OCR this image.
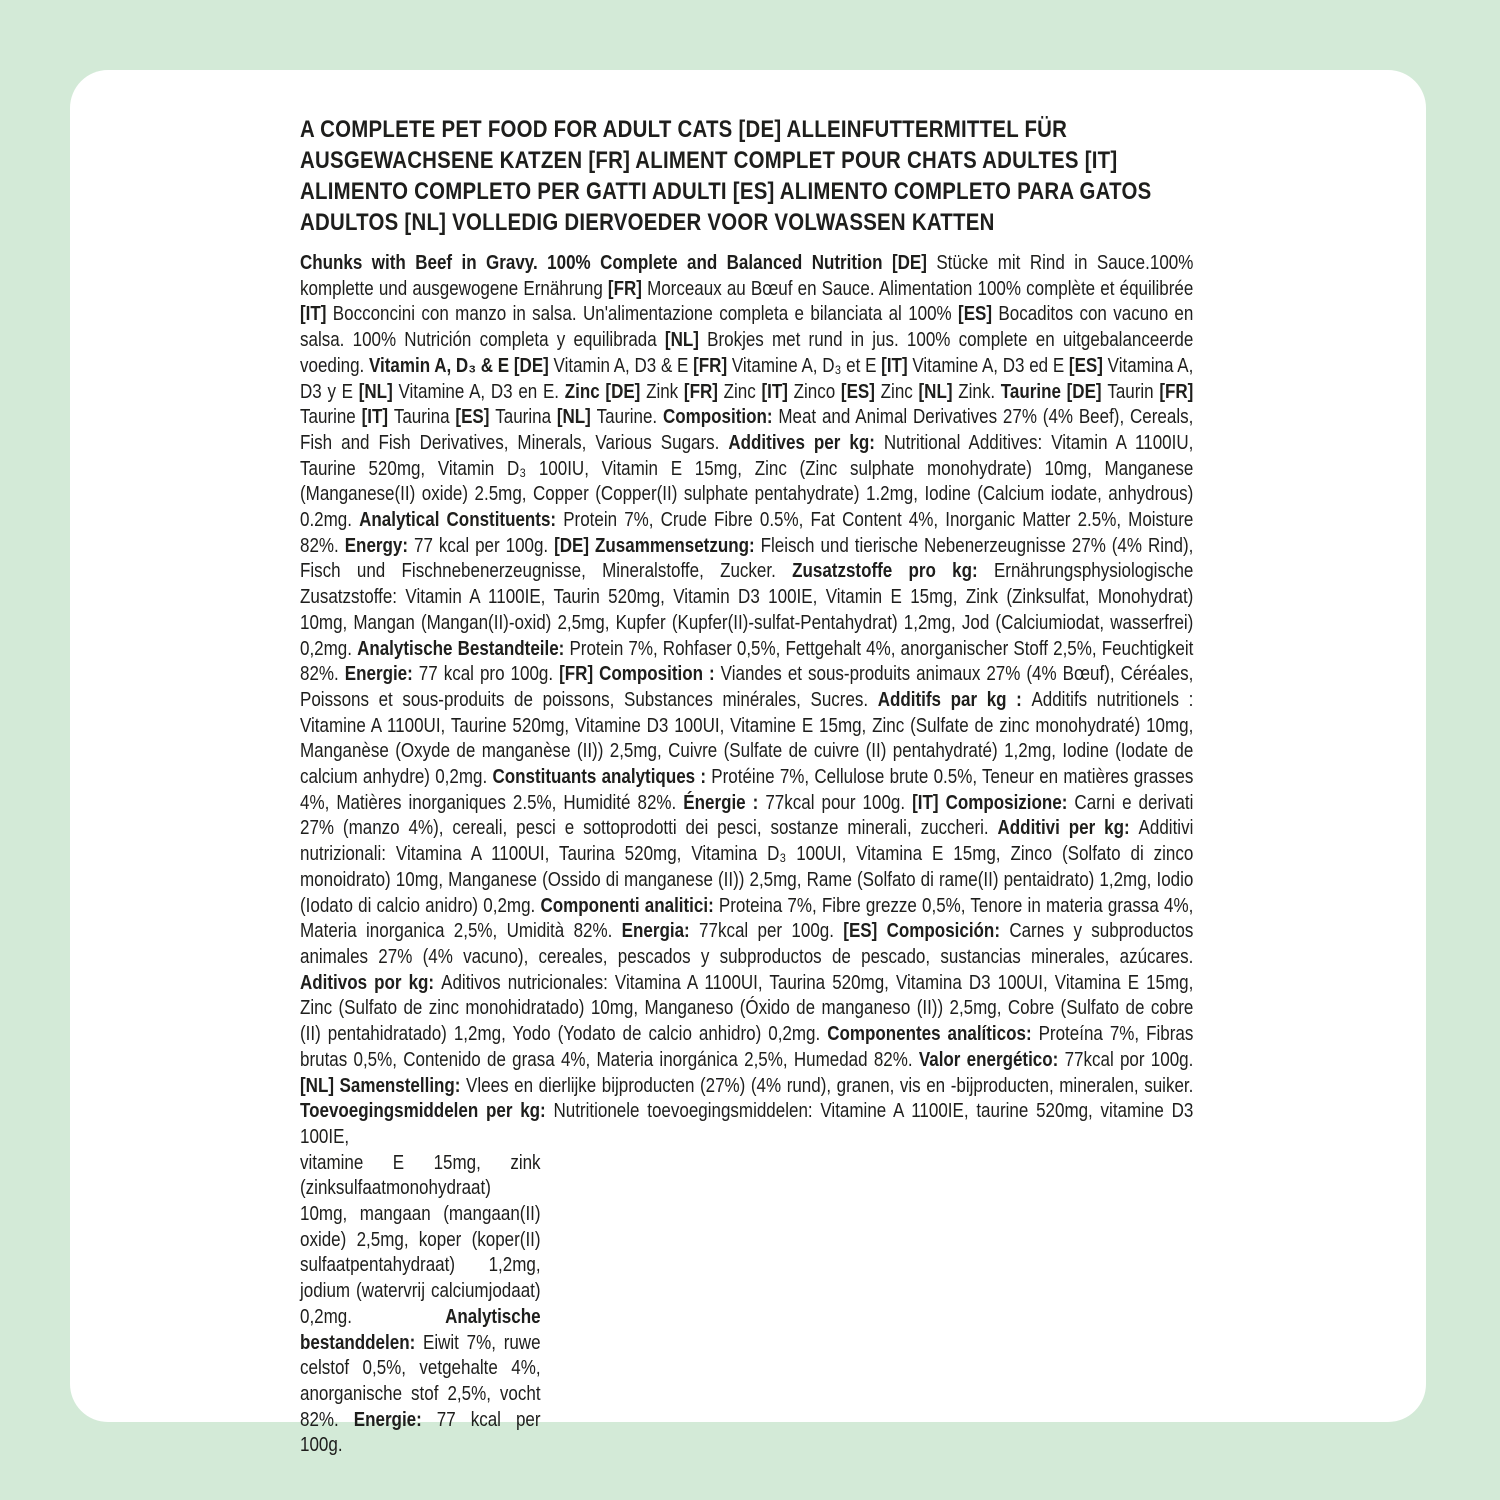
A COMPLETE PET FOOD FOR ADULT CATS [DE] ALLEINFUTTERMITTEL FÜR AUSGEWACHSENE KATZEN [FR] ALIMENT COMPLET POUR CHATS ADULTES [IT] ALIMENTO COMPLETO PER GATTI ADULTI [ES] ALIMENTO COMPLETO PARA GATOS ADULTOS [NL] VOLLEDIG DIERVOEDER VOOR VOLWASSEN KATTEN

Chunks with Beef in Gravy. 100% Complete and Balanced Nutrition [DE] Stücke mit Rind in Sauce.100% komplette und ausgewogene Ernährung [FR] Morceaux au Bœuf en Sauce. Alimentation 100% complète et équilibrée [IT] Bocconcini con manzo in salsa. Un'alimentazione completa e bilanciata al 100% [ES] Bocaditos con vacuno en salsa. 100% Nutrición completa y equilibrada [NL] Brokjes met rund in jus. 100% complete en uitgebalanceerde voeding. Vitamin A, D₃ & E [DE] Vitamin A, D3 & E [FR] Vitamine A, D₃ et E [IT] Vitamine A, D3 ed E [ES] Vitamina A, D3 y E [NL] Vitamine A, D3 en E. Zinc [DE] Zink [FR] Zinc [IT] Zinco [ES] Zinc [NL] Zink. Taurine [DE] Taurin [FR] Taurine [IT] Taurina [ES] Taurina [NL] Taurine. Composition: Meat and Animal Derivatives 27% (4% Beef), Cereals, Fish and Fish Derivatives, Minerals, Various Sugars. Additives per kg: Nutritional Additives: Vitamin A 1100IU, Taurine 520mg, Vitamin D₃ 100IU, Vitamin E 15mg, Zinc (Zinc sulphate monohydrate) 10mg, Manganese (Manganese(II) oxide) 2.5mg, Copper (Copper(II) sulphate pentahydrate) 1.2mg, Iodine (Calcium iodate, anhydrous) 0.2mg. Analytical Constituents: Protein 7%, Crude Fibre 0.5%, Fat Content 4%, Inorganic Matter 2.5%, Moisture 82%. Energy: 77 kcal per 100g. [DE] Zusammensetzung: Fleisch und tierische Nebenerzeugnisse 27% (4% Rind), Fisch und Fischnebenerzeugnisse, Mineralstoffe, Zucker. Zusatzstoffe pro kg: Ernährungsphysiologische Zusatzstoffe: Vitamin A 1100IE, Taurin 520mg, Vitamin D3 100IE, Vitamin E 15mg, Zink (Zinksulfat, Monohydrat) 10mg, Mangan (Mangan(II)-oxid) 2,5mg, Kupfer (Kupfer(II)-sulfat-Pentahydrat) 1,2mg, Jod (Calciumiodat, wasserfrei) 0,2mg. Analytische Bestandteile: Protein 7%, Rohfaser 0,5%, Fettgehalt 4%, anorganischer Stoff 2,5%, Feuchtigkeit 82%. Energie: 77 kcal pro 100g. [FR] Composition : Viandes et sous-produits animaux 27% (4% Bœuf), Céréales, Poissons et sous-produits de poissons, Substances minérales, Sucres. Additifs par kg : Additifs nutritionels : Vitamine A 1100UI, Taurine 520mg, Vitamine D3 100UI, Vitamine E 15mg, Zinc (Sulfate de zinc monohydraté) 10mg, Manganèse (Oxyde de manganèse (II)) 2,5mg, Cuivre (Sulfate de cuivre (II) pentahydraté) 1,2mg, Iodine (Iodate de calcium anhydre) 0,2mg. Constituants analytiques : Protéine 7%, Cellulose brute 0.5%, Teneur en matières grasses 4%, Matières inorganiques 2.5%, Humidité 82%. Énergie : 77kcal pour 100g. [IT] Composizione: Carni e derivati 27% (manzo 4%), cereali, pesci e sottoprodotti dei pesci, sostanze minerali, zuccheri. Additivi per kg: Additivi nutrizionali: Vitamina A 1100UI, Taurina 520mg, Vitamina D₃ 100UI, Vitamina E 15mg, Zinco (Solfato di zinco monoidrato) 10mg, Manganese (Ossido di manganese (II)) 2,5mg, Rame (Solfato di rame(II) pentaidrato) 1,2mg, Iodio (Iodato di calcio anidro) 0,2mg. Componenti analitici: Proteina 7%, Fibre grezze 0,5%, Tenore in materia grassa 4%, Materia inorganica 2,5%, Umidità 82%. Energia: 77kcal per 100g. [ES] Composición: Carnes y subproductos animales 27% (4% vacuno), cereales, pescados y subproductos de pescado, sustancias minerales, azúcares. Aditivos por kg: Aditivos nutricionales: Vitamina A 1100UI, Taurina 520mg, Vitamina D3 100UI, Vitamina E 15mg, Zinc (Sulfato de zinc monohidratado) 10mg, Manganeso (Óxido de manganeso (II)) 2,5mg, Cobre (Sulfato de cobre (II) pentahidratado) 1,2mg, Yodo (Yodato de calcio anhidro) 0,2mg. Componentes analíticos: Proteína 7%, Fibras brutas 0,5%, Contenido de grasa 4%, Materia inorgánica 2,5%, Humedad 82%. Valor energético: 77kcal por 100g. [NL] Samenstelling: Vlees en dierlijke bijproducten (27%) (4% rund), granen, vis en -bijproducten, mineralen, suiker. Toevoegingsmiddelen per kg: Nutritionele toevoegingsmiddelen: Vitamine A 1100IE, taurine 520mg, vitamine D3 100IE,

vitamine E 15mg, zink (zinksulfaatmonohydraat) 10mg, mangaan (mangaan(II) oxide) 2,5mg, koper (koper(II) sulfaatpentahydraat) 1,2mg, jodium (watervrij calciumjodaat) 0,2mg. Analytische bestanddelen: Eiwit 7%, ruwe celstof 0,5%, vetgehalte 4%, anorganische stof 2,5%, vocht 82%. Energie: 77 kcal per 100g.
